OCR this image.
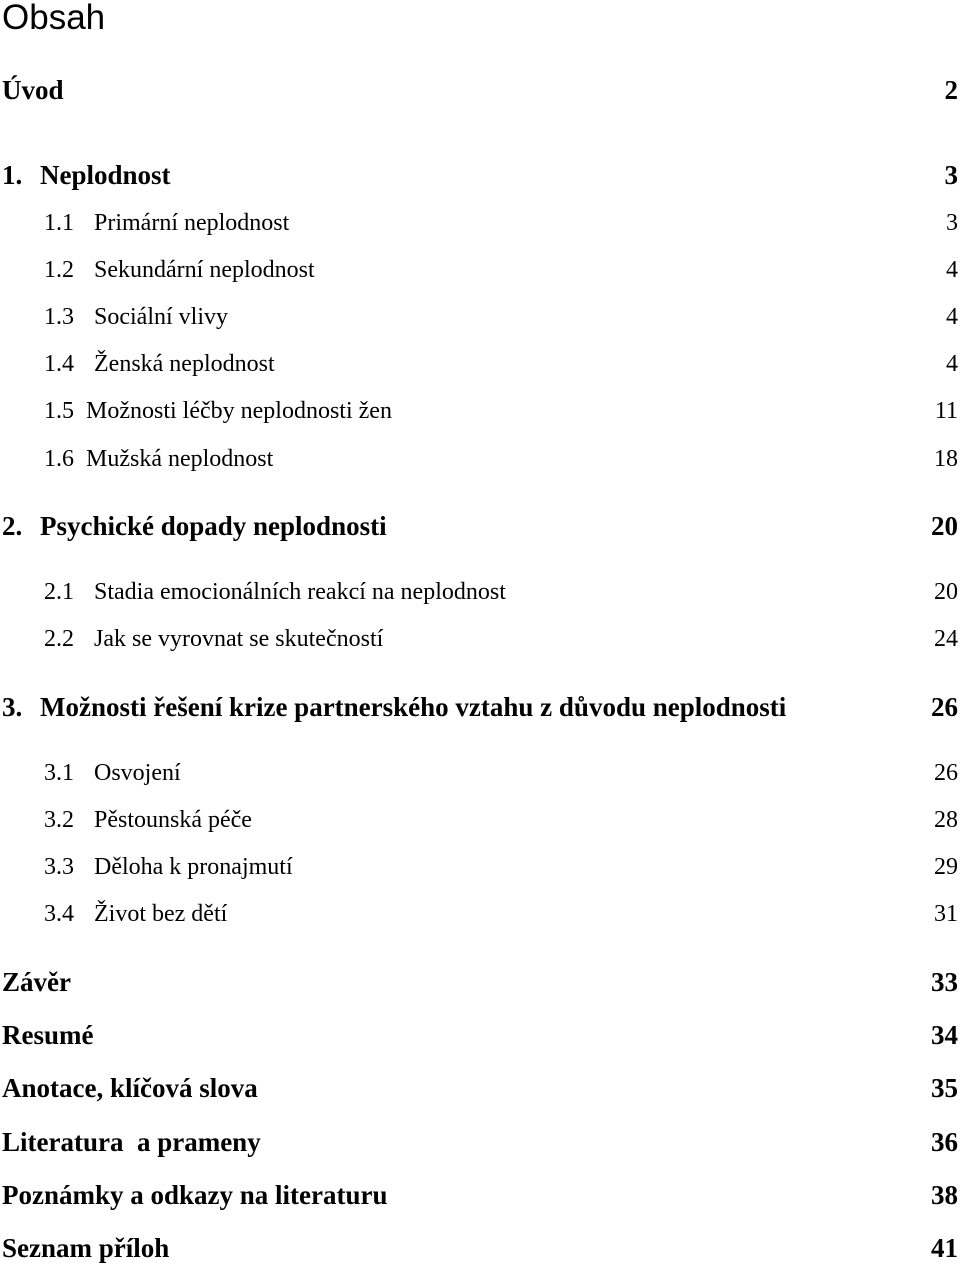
Obsah
Úvod	2
1. Neplodnost	3
1.1 Primární neplodnost	3
1.2 Sekundární neplodnost	4
1.3 Sociální vlivy	4
1.4 Ženská neplodnost	4
1.5 Možnosti léčby neplodnosti žen	11
1.6 Mužská neplodnost	18
2. Psychické dopady neplodnosti	20
2.1 Stadia emocionálních reakcí na neplodnost	20
2.2 Jak se vyrovnat se skutečností	24
3. Možnosti řešení krize partnerského vztahu z důvodu neplodnosti	26
3.1 Osvojení	26
3.2 Pěstounská péče	28
3.3 Děloha k pronajmutí	29
3.4 Život bez dětí	31
Závěr	33
Resumé	34
Anotace, klíčová slova	35
Literatura  a prameny	36
Poznámky a odkazy na literaturu	38
Seznam příloh	41
